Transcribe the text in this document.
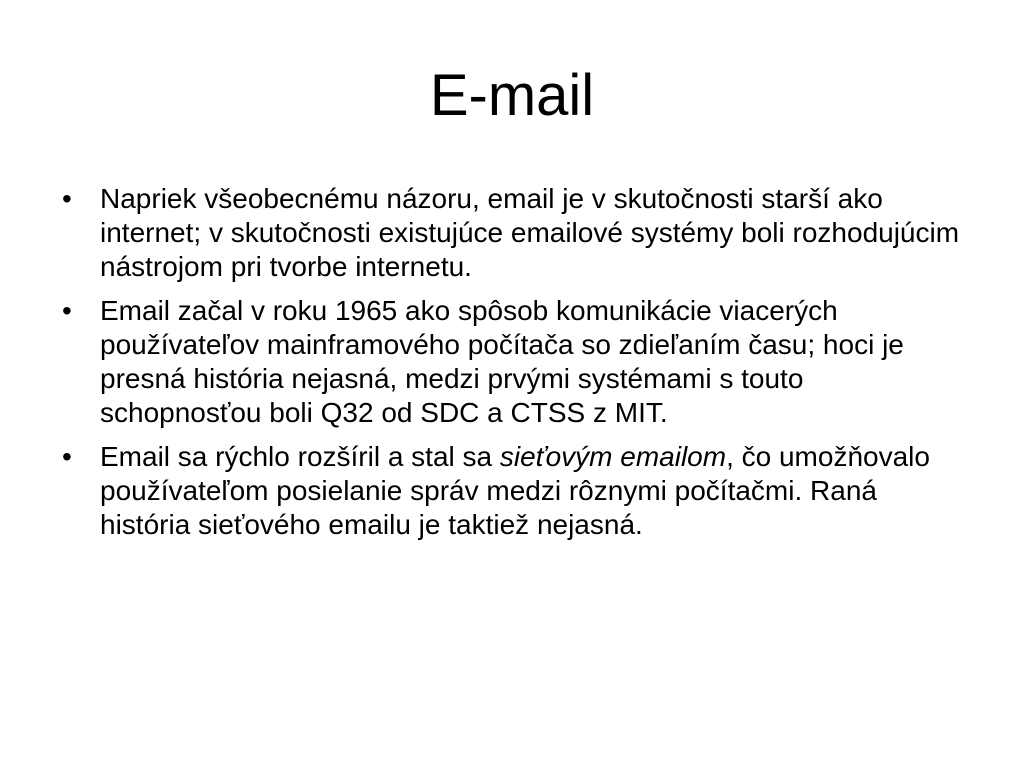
E-mail
• Napriek všeobecnému názoru, email je v skutočnosti starší ako internet; v skutočnosti existujúce emailové systémy boli rozhodujúcim nástrojom pri tvorbe internetu.
• Email začal v roku 1965 ako spôsob komunikácie viacerých používateľov mainframového počítača so zdieľaním času; hoci je presná história nejasná, medzi prvými systémami s touto schopnosťou boli Q32 od SDC a CTSS z MIT.
• Email sa rýchlo rozšíril a stal sa sieťovým emailom, čo umožňovalo používateľom posielanie správ medzi rôznymi počítačmi. Raná história sieťového emailu je taktiež nejasná.
